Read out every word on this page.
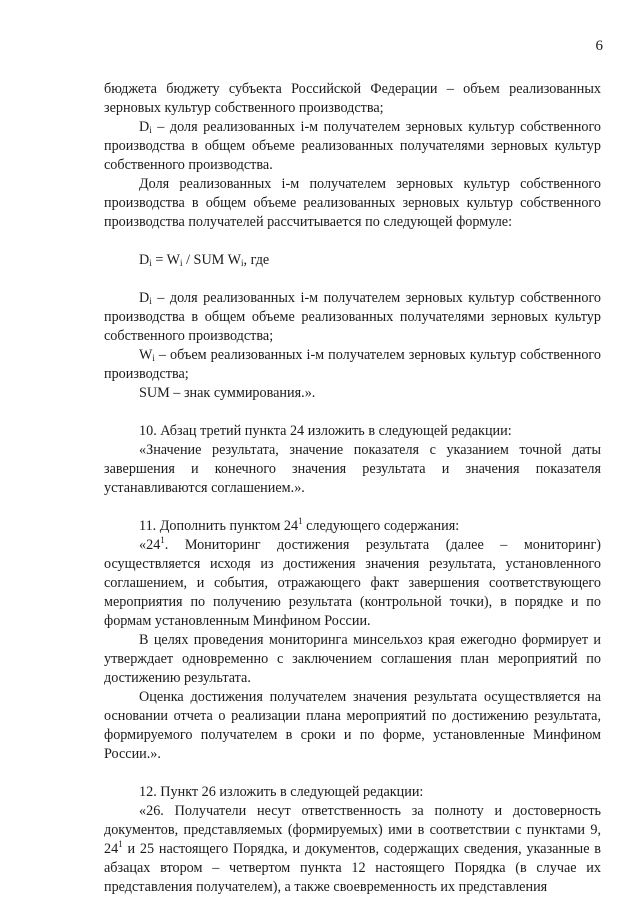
6

бюджета бюджету субъекта Российской Федерации – объем реализованных зерновых культур собственного производства;

$D_i$ – доля реализованных i-м получателем зерновых культур собственного производства в общем объеме реализованных получателями зерновых культур собственного производства.

Доля реализованных i-м получателем зерновых культур собственного производства в общем объеме реализованных зерновых культур собственного производства получателей рассчитывается по следующей формуле:

$D_i = W_i$ / SUM $W_i$, где

$D_i$ – доля реализованных i-м получателем зерновых культур собственного производства в общем объеме реализованных получателями зерновых культур собственного производства;

$W_i$ – объем реализованных i-м получателем зерновых культур собственного производства;

SUM – знак суммирования.».

10. Абзац третий пункта 24 изложить в следующей редакции:

«Значение результата, значение показателя с указанием точной даты завершения и конечного значения результата и значения показателя устанавливаются соглашением.».

11. Дополнить пунктом $24^1$ следующего содержания:

«$24^1$. Мониторинг достижения результата (далее – мониторинг) осуществляется исходя из достижения значения результата, установленного соглашением, и события, отражающего факт завершения соответствующего мероприятия по получению результата (контрольной точки), в порядке и по формам установленным Минфином России.

В целях проведения мониторинга минсельхоз края ежегодно формирует и утверждает одновременно с заключением соглашения план мероприятий по достижению результата.

Оценка достижения получателем значения результата осуществляется на основании отчета о реализации плана мероприятий по достижению результата, формируемого получателем в сроки и по форме, установленные Минфином России.».

12. Пункт 26 изложить в следующей редакции:

«26. Получатели несут ответственность за полноту и достоверность документов, представляемых (формируемых) ими в соответствии с пунктами 9, $24^1$ и 25 настоящего Порядка, и документов, содержащих сведения, указанные в абзацах втором – четвертом пункта 12 настоящего Порядка (в случае их представления получателем), а также своевременность их представления
